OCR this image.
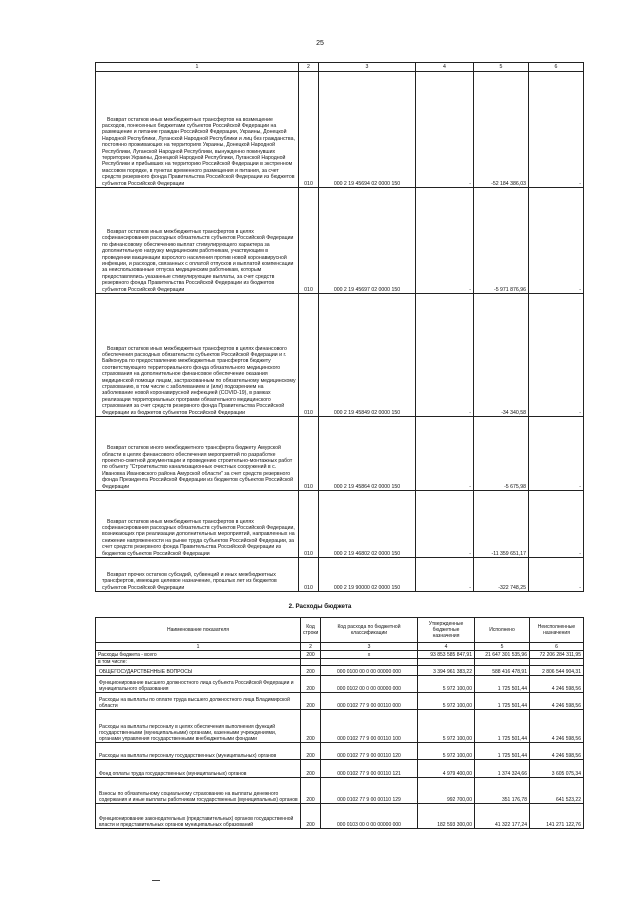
25
1	2	3	4	5	6

Возврат остатков иных межбюджетных трансфертов на возмещение расходов, понесенных бюджетами субъектов Российской Федерации на размещение и питание граждан Российской Федерации, Украины, Донецкой Народной Республики, Луганской Народной Республики и лиц без гражданства, постоянно проживающих на территориях Украины, Донецкой Народной Республики, Луганской Народной Республики, вынужденно покинувших территории Украины, Донецкой Народной Республики, Луганской Народной Республики и прибывших на территорию Российской Федерации в экстренном массовом порядке, в пунктах временного размещения и питания, за счет средств резервного фонда Правительства Российской Федерации из бюджетов субъектов Российской Федерации	010	000 2 19 45694 02 0000 150	-	-52 184 386,03	-

Возврат остатков иных межбюджетных трансфертов в целях софинансирования расходных обязательств субъектов Российской Федерации по финансовому обеспечению выплат стимулирующего характера за дополнительную нагрузку медицинским работникам, участвующим в проведении вакцинации взрослого населения против новой коронавирусной инфекции, и расходов, связанных с оплатой отпусков и выплатой компенсации за неиспользованные отпуска медицинским работникам, которым предоставлялись указанные стимулирующие выплаты, за счет средств резервного фонда Правительства Российской Федерации из бюджетов субъектов Российской Федерации	010	000 2 19 45697 02 0000 150	-	-5 971 876,96	-

Возврат остатков иных межбюджетных трансфертов в целях финансового обеспечения расходных обязательств субъектов Российской Федерации и г. Байконура по предоставлению межбюджетных трансфертов бюджету соответствующего территориального фонда обязательного медицинского страхования на дополнительное финансовое обеспечение оказания медицинской помощи лицам, застрахованным по обязательному медицинскому страхованию, в том числе с заболеванием и (или) подозрением на заболевание новой коронавирусной инфекцией (COVID-19), в рамках реализации территориальных программ обязательного медицинского страхования за счет средств резервного фонда Правительства Российской Федерации из бюджетов субъектов Российской Федерации	010	000 2 19 45849 02 0000 150	-	-34 340,58	-

Возврат остатков иного межбюджетного трансферта бюджету Амурской области в целях финансового обеспечения мероприятий по разработке проектно-сметной документации и проведению строительно-монтажных работ по объекту "Строительство канализационных очистных сооружений в с. Ивановка Ивановского района Амурской области" за счет средств резервного фонда Президента Российской Федерации из бюджетов субъектов Российской Федерации	010	000 2 19 45864 02 0000 150	-	-5 675,98	-

Возврат остатков иных межбюджетных трансфертов в целях софинансирования расходных обязательств субъектов Российской Федерации, возникающих при реализации дополнительных мероприятий, направленных на снижение напряженности на рынке труда субъектов Российской Федерации, за счет средств резервного фонда Правительства Российской Федерации из бюджетов субъектов Российской Федерации	010	000 2 19 46802 02 0000 150	-	-11 359 651,17	-

Возврат прочих остатков субсидий, субвенций и иных межбюджетных трансфертов, имеющих целевое назначение, прошлых лет из бюджетов субъектов Российской Федерации	010	000 2 19 90000 02 0000 150	-	-322 748,25	-
2. Расходы бюджета
Наименование показателя	Код строки	Код расхода по бюджетной классификации	Утвержденные бюджетные назначения	Исполнено	Неисполненные назначения
1	2	3	4	5	6
Расходы бюджета - всего	200	x	93 853 585 847,91	21 647 301 535,96	72 206 284 311,95
в том числе:					
ОБЩЕГОСУДАРСТВЕННЫЕ ВОПРОСЫ	200	000 0100 00 0 00 00000 000	3 394 961 383,22	588 416 478,91	2 806 544 904,31
Функционирование высшего должностного лица субъекта Российской Федерации и муниципального образования	200	000 0102 00 0 00 00000 000	5 972 100,00	1 725 501,44	4 246 598,56
Расходы на выплаты по оплате труда высшего должностного лица Владимирской области	200	000 0102 77 9 00 00110 000	5 972 100,00	1 725 501,44	4 246 598,56
Расходы на выплаты персоналу в целях обеспечения выполнения функций государственными (муниципальными) органами, казенными учреждениями, органами управления государственными внебюджетными фондами	200	000 0102 77 9 00 00110 100	5 972 100,00	1 725 501,44	4 246 598,56
Расходы на выплаты персоналу государственных (муниципальных) органов	200	000 0102 77 9 00 00110 120	5 972 100,00	1 725 501,44	4 246 598,56
Фонд оплаты труда государственных (муниципальных) органов	200	000 0102 77 9 00 00110 121	4 979 400,00	1 374 324,66	3 605 075,34
Взносы по обязательному социальному страхованию на выплаты денежного содержания и иные выплаты работникам государственных (муниципальных) органов	200	000 0102 77 9 00 00110 129	992 700,00	351 176,78	641 523,22
Функционирование законодательных (представительных) органов государственной власти и представительных органов муниципальных образований	200	000 0103 00 0 00 00000 000	182 593 300,00	41 322 177,24	141 271 122,76
